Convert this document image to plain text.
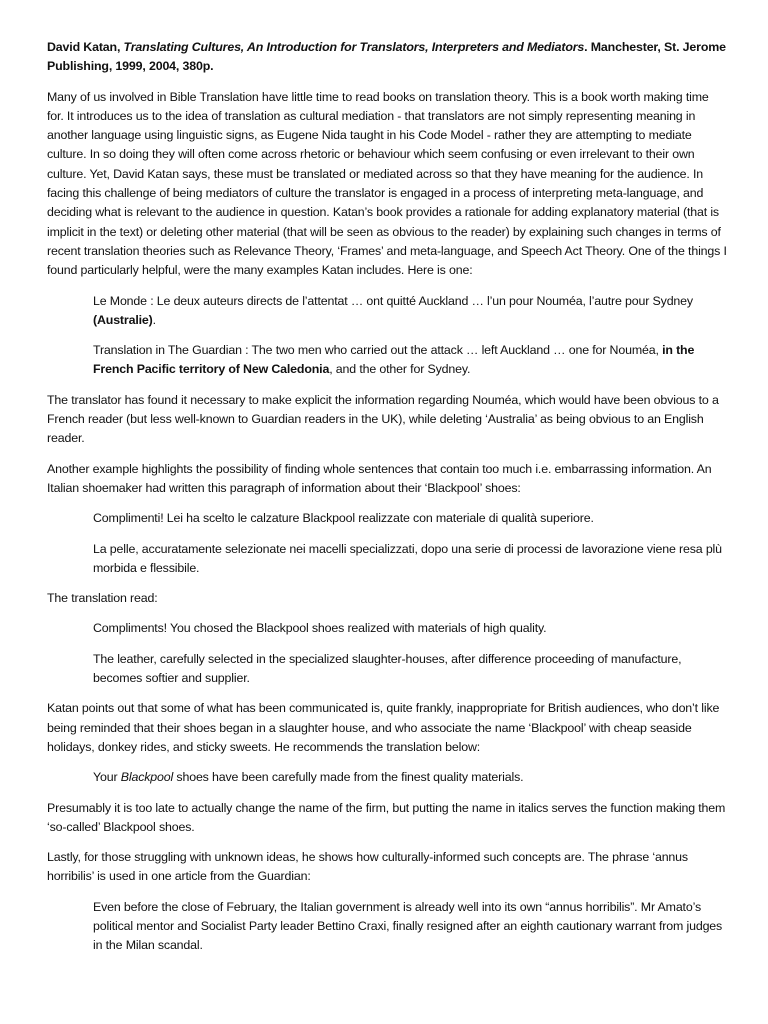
David Katan, Translating Cultures, An Introduction for Translators, Interpreters and Mediators. Manchester, St. Jerome Publishing, 1999, 2004, 380p.

Many of us involved in Bible Translation have little time to read books on translation theory. This is a book worth making time for. It introduces us to the idea of translation as cultural mediation - that translators are not simply representing meaning in another language using linguistic signs, as Eugene Nida taught in his Code Model - rather they are attempting to mediate culture. In so doing they will often come across rhetoric or behaviour which seem confusing or even irrelevant to their own culture. Yet, David Katan says, these must be translated or mediated across so that they have meaning for the audience. In facing this challenge of being mediators of culture the translator is engaged in a process of interpreting meta-language, and deciding what is relevant to the audience in question. Katan’s book provides a rationale for adding explanatory material (that is implicit in the text) or deleting other material (that will be seen as obvious to the reader) by explaining such changes in terms of recent translation theories such as Relevance Theory, ‘Frames’ and meta-language, and Speech Act Theory. One of the things I found particularly helpful, were the many examples Katan includes. Here is one:

Le Monde : Le deux auteurs directs de l’attentat … ont quitté Auckland … l’un pour Nouméa, l’autre pour Sydney (Australie).

Translation in The Guardian : The two men who carried out the attack … left Auckland … one for Nouméa, in the French Pacific territory of New Caledonia, and the other for Sydney.

The translator has found it necessary to make explicit the information regarding Nouméa, which would have been obvious to a French reader (but less well-known to Guardian readers in the UK), while deleting ‘Australia’ as being obvious to an English reader.

Another example highlights the possibility of finding whole sentences that contain too much i.e. embarrassing information. An Italian shoemaker had written this paragraph of information about their ‘Blackpool’ shoes:

Complimenti! Lei ha scelto le calzature Blackpool realizzate con materiale di qualità superiore.

La pelle, accuratamente selezionate nei macelli specializzati, dopo una serie di processi de lavorazione viene resa plù morbida e flessibile.

The translation read:

Compliments! You chosed the Blackpool shoes realized with materials of high quality.

The leather, carefully selected in the specialized slaughter-houses, after difference proceeding of manufacture, becomes softier and supplier.

Katan points out that some of what has been communicated is, quite frankly, inappropriate for British audiences, who don’t like being reminded that their shoes began in a slaughter house, and who associate the name ‘Blackpool’ with cheap seaside holidays, donkey rides, and sticky sweets. He recommends the translation below:

Your Blackpool shoes have been carefully made from the finest quality materials.

Presumably it is too late to actually change the name of the firm, but putting the name in italics serves the function making them ‘so-called’ Blackpool shoes.

Lastly, for those struggling with unknown ideas, he shows how culturally-informed such concepts are. The phrase ‘annus horribilis’ is used in one article from the Guardian:

Even before the close of February, the Italian government is already well into its own “annus horribilis”. Mr Amato’s political mentor and Socialist Party leader Bettino Craxi, finally resigned after an eighth cautionary warrant from judges in the Milan scandal.
